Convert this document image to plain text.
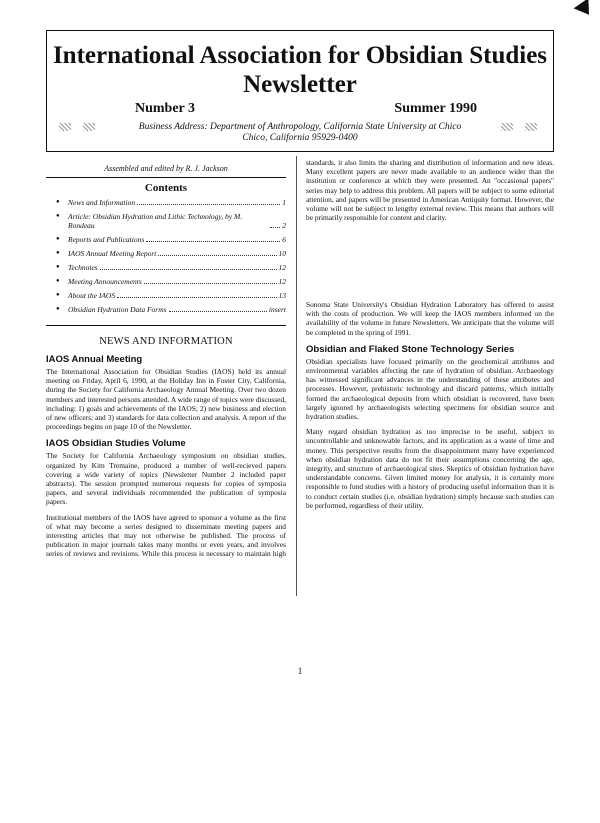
International Association for Obsidian Studies
Newsletter
Number 3	Summer 1990
Business Address: Department of Anthropology, California State University at Chico
Chico, California 95929-0400
Assembled and edited by R. J. Jackson
Contents
● News and Information	1
● Article: Obsidian Hydration and Lithic Technology, by M. Rondeau	2
● Reports and Publications	6
● IAOS Annual Meeting Report	10
● Technotes	12
● Meeting Announcements	12
● About the IAOS	13
● Obsidian Hydration Data Forms	insert
NEWS AND INFORMATION
IAOS Annual Meeting

The International Association for Obsidian Studies (IAOS) held its annual meeting on Friday, April 6, 1990, at the Holiday Inn in Foster City, California, during the Society for California Archaeology Annual Meeting. Over two dozen members and interested persons attended. A wide range of topics were discussed, including: 1) goals and achievements of the IAOS; 2) new business and election of new officers; and 3) standards for data collection and analysis. A report of the proceedings begins on page 10 of the Newsletter.

IAOS Obsidian Studies Volume

The Society for California Archaeology symposium on obsidian studies, organized by Kim Tremaine, produced a number of well-recieved papers covering a wide variety of topics (Newsletter Number 2 included paper abstracts). The session prompted numerous requests for copies of symposia papers, and several individuals recommended the publication of symposia papers.

Institutional members of the IAOS have agreed to sponsor a volume as the first of what may become a series designed to disseminate meeting papers and interesting articles that may not otherwise be published. The process of publication in major journals takes many months or even years, and involves series of reviews and revisions. While this process is necessary to maintain high

standards, it also limits the sharing and distribution of information and new ideas. Many excellent papers are never made available to an audience wider than the institution or conference at which they were presented. An "occasional papers" series may help to address this problem. All papers will be subject to some editorial attention, and papers will be presented in American Antiquity format. However, the volume will not be subject to lengthy external review. This means that authors will be primarily responsible for content and clarity.

Sonoma State University's Obsidian Hydration Laboratory has offered to assist with the costs of production. We will keep the IAOS members informed on the availability of the volume in future Newsletters. We anticipate that the volume will be completed in the spring of 1991.

Obsidian and Flaked Stone Technology Series

Obsidian specialists have focused primarily on the geochemical attributes and environmental variables affecting the rate of hydration of obsidian. Archaeology has witnessed significant advances in the understanding of these attributes and processes. However, prehistoric technology and discard patterns, which initially formed the archaeological deposits from which obsidian is recovered, have been largely ignored by archaeologists selecting specimens for obsidian source and hydration studies.

Many regard obsidian hydration as too imprecise to be useful, subject to uncontrollable and unknowable factors, and its application as a waste of time and money. This perspective results from the disappointment many have experienced when obsidian hydration data do not fit their assumptions concerning the age, integrity, and structure of archaeological sites. Skeptics of obsidian hydration have understandable concerns. Given limited money for analysis, it is certainly more responsible to fund studies with a history of producing useful information than it is to conduct certain studies (i.e. obsidian hydration) simply because such studies can be performed, regardless of their utility.

1
